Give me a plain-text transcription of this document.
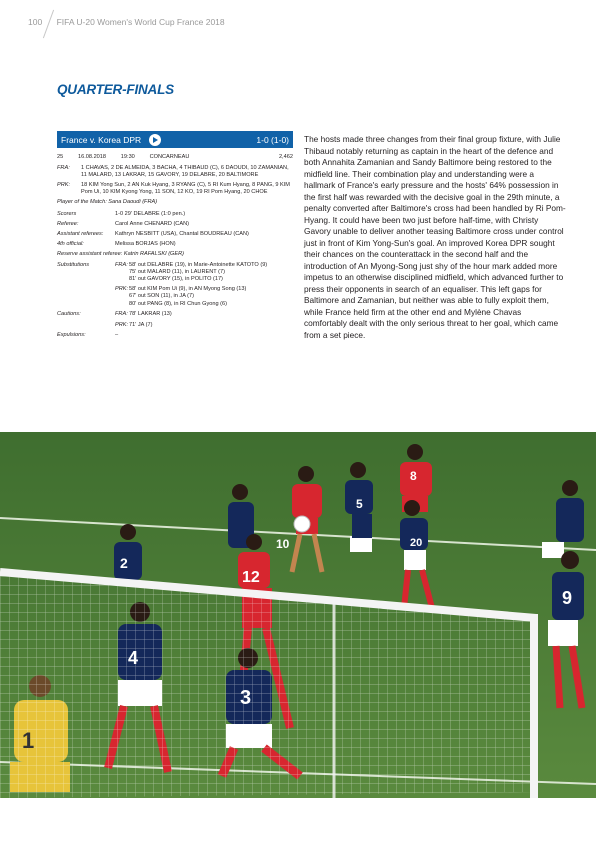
100 FIFA U-20 Women's World Cup France 2018
QUARTER-FINALS
France v. Korea DPR	1-0 (1-0)
25	16.08.2018	19:30	CONCARNEAU	2,462
FRA:	1 CHAVAS, 2 DE ALMEIDA, 3 BACHA, 4 THIBAUD (C), 6 DAOUDI, 10 ZAMANIAN, 11 MALARD, 13 LAKRAR, 15 GAVORY, 19 DELABRE, 20 BALTIMORE
PRK:	18 KIM Yong Sun, 2 AN Kuk Hyang, 3 RYANG (C), 5 RI Kum Hyang, 8 PANG, 9 KIM Pom Ui, 10 KIM Kyong Yong, 11 SON, 12 KO, 19 RI Pom Hyang, 20 CHOE
Player of the Match: Sana Daoudi (FRA)
Scorers	1-0 29' DELABRE (1:0 pen.)
Referee:	Carol Anne CHENARD (CAN)
Assistant referees:	Kathryn NESBITT (USA), Chantal BOUDREAU (CAN)
4th official:	Melissa BORJAS (HON)
Reserve assistant referee: Katrin RAFALSKI (GER)
Substitutions	FRA: 58' out DELABRE (19), in Marie-Antoinette KATOTO (9)
75' out MALARD (11), in LAURENT (7)
81' out GAVORY (15), in POLITO (17)
PRK: 58' out KIM Pom Ui (9), in AN Myong Song (13)
67' out SON (11), in JA (7)
80' out PANG (8), in RI Chun Gyong (6)
Cautions:	FRA: 78' LAKRAR (13)
PRK: 71' JA (7)
Expulsions:	–
The hosts made three changes from their final group fixture, with Julie Thibaud notably returning as captain in the heart of the defence and both Annahita Zamanian and Sandy Baltimore being restored to the midfield line. Their combination play and understanding were a hallmark of France's early pressure and the hosts' 64% possession in the first half was rewarded with the decisive goal in the 29th minute, a penalty converted after Baltimore's cross had been handled by Ri Pom-Hyang. It could have been two just before half-time, with Christy Gavory unable to deliver another teasing Baltimore cross under control just in front of Kim Yong-Sun's goal. An improved Korea DPR sought their chances on the counterattack in the second half and the introduction of An Myong-Song just shy of the hour mark added more impetus to an otherwise disciplined midfield, which advanced further to press their opponents in search of an equaliser. This left gaps for Baltimore and Zamanian, but neither was able to fully exploit them, while France held firm at the other end and Mylène Chavas comfortably dealt with the only serious threat to her goal, which came from a set piece.
2
4
1
10
12
3
5
8
9
20
